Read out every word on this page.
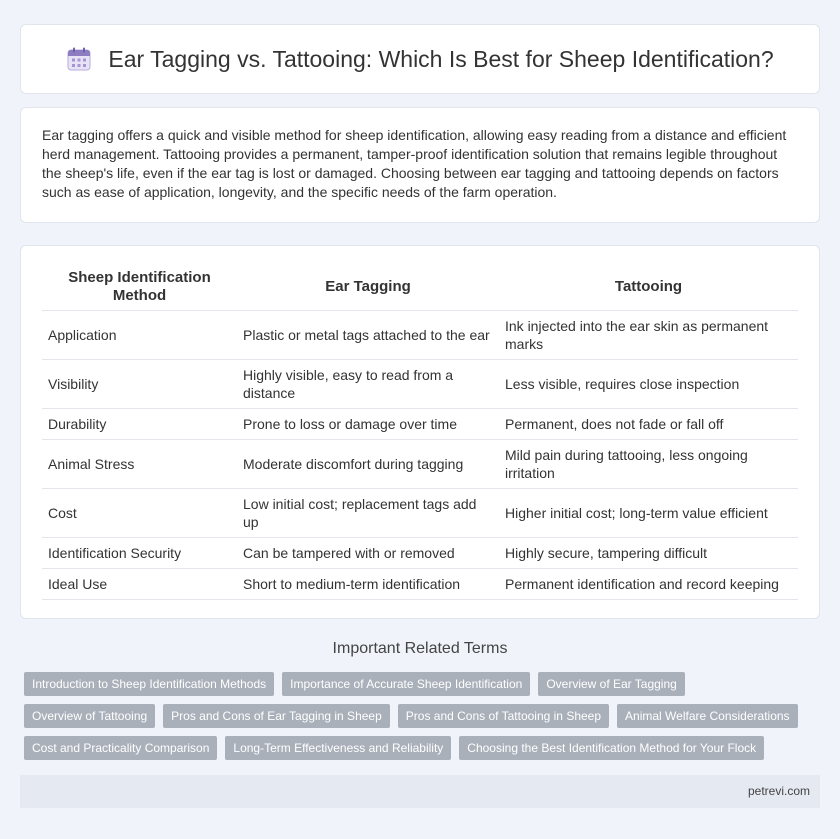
Ear Tagging vs. Tattooing: Which Is Best for Sheep Identification?

Ear tagging offers a quick and visible method for sheep identification, allowing easy reading from a distance and efficient herd management. Tattooing provides a permanent, tamper-proof identification solution that remains legible throughout the sheep's life, even if the ear tag is lost or damaged. Choosing between ear tagging and tattooing depends on factors such as ease of application, longevity, and the specific needs of the farm operation.

Sheep Identification Method	Ear Tagging	Tattooing
Application	Plastic or metal tags attached to the ear	Ink injected into the ear skin as permanent marks
Visibility	Highly visible, easy to read from a distance	Less visible, requires close inspection
Durability	Prone to loss or damage over time	Permanent, does not fade or fall off
Animal Stress	Moderate discomfort during tagging	Mild pain during tattooing, less ongoing irritation
Cost	Low initial cost; replacement tags add up	Higher initial cost; long-term value efficient
Identification Security	Can be tampered with or removed	Highly secure, tampering difficult
Ideal Use	Short to medium-term identification	Permanent identification and record keeping
Important Related Terms
Introduction to Sheep Identification Methods	Importance of Accurate Sheep Identification	Overview of Ear Tagging
Overview of Tattooing	Pros and Cons of Ear Tagging in Sheep	Pros and Cons of Tattooing in Sheep	Animal Welfare Considerations
Cost and Practicality Comparison	Long-Term Effectiveness and Reliability	Choosing the Best Identification Method for Your Flock
petrevi.com
